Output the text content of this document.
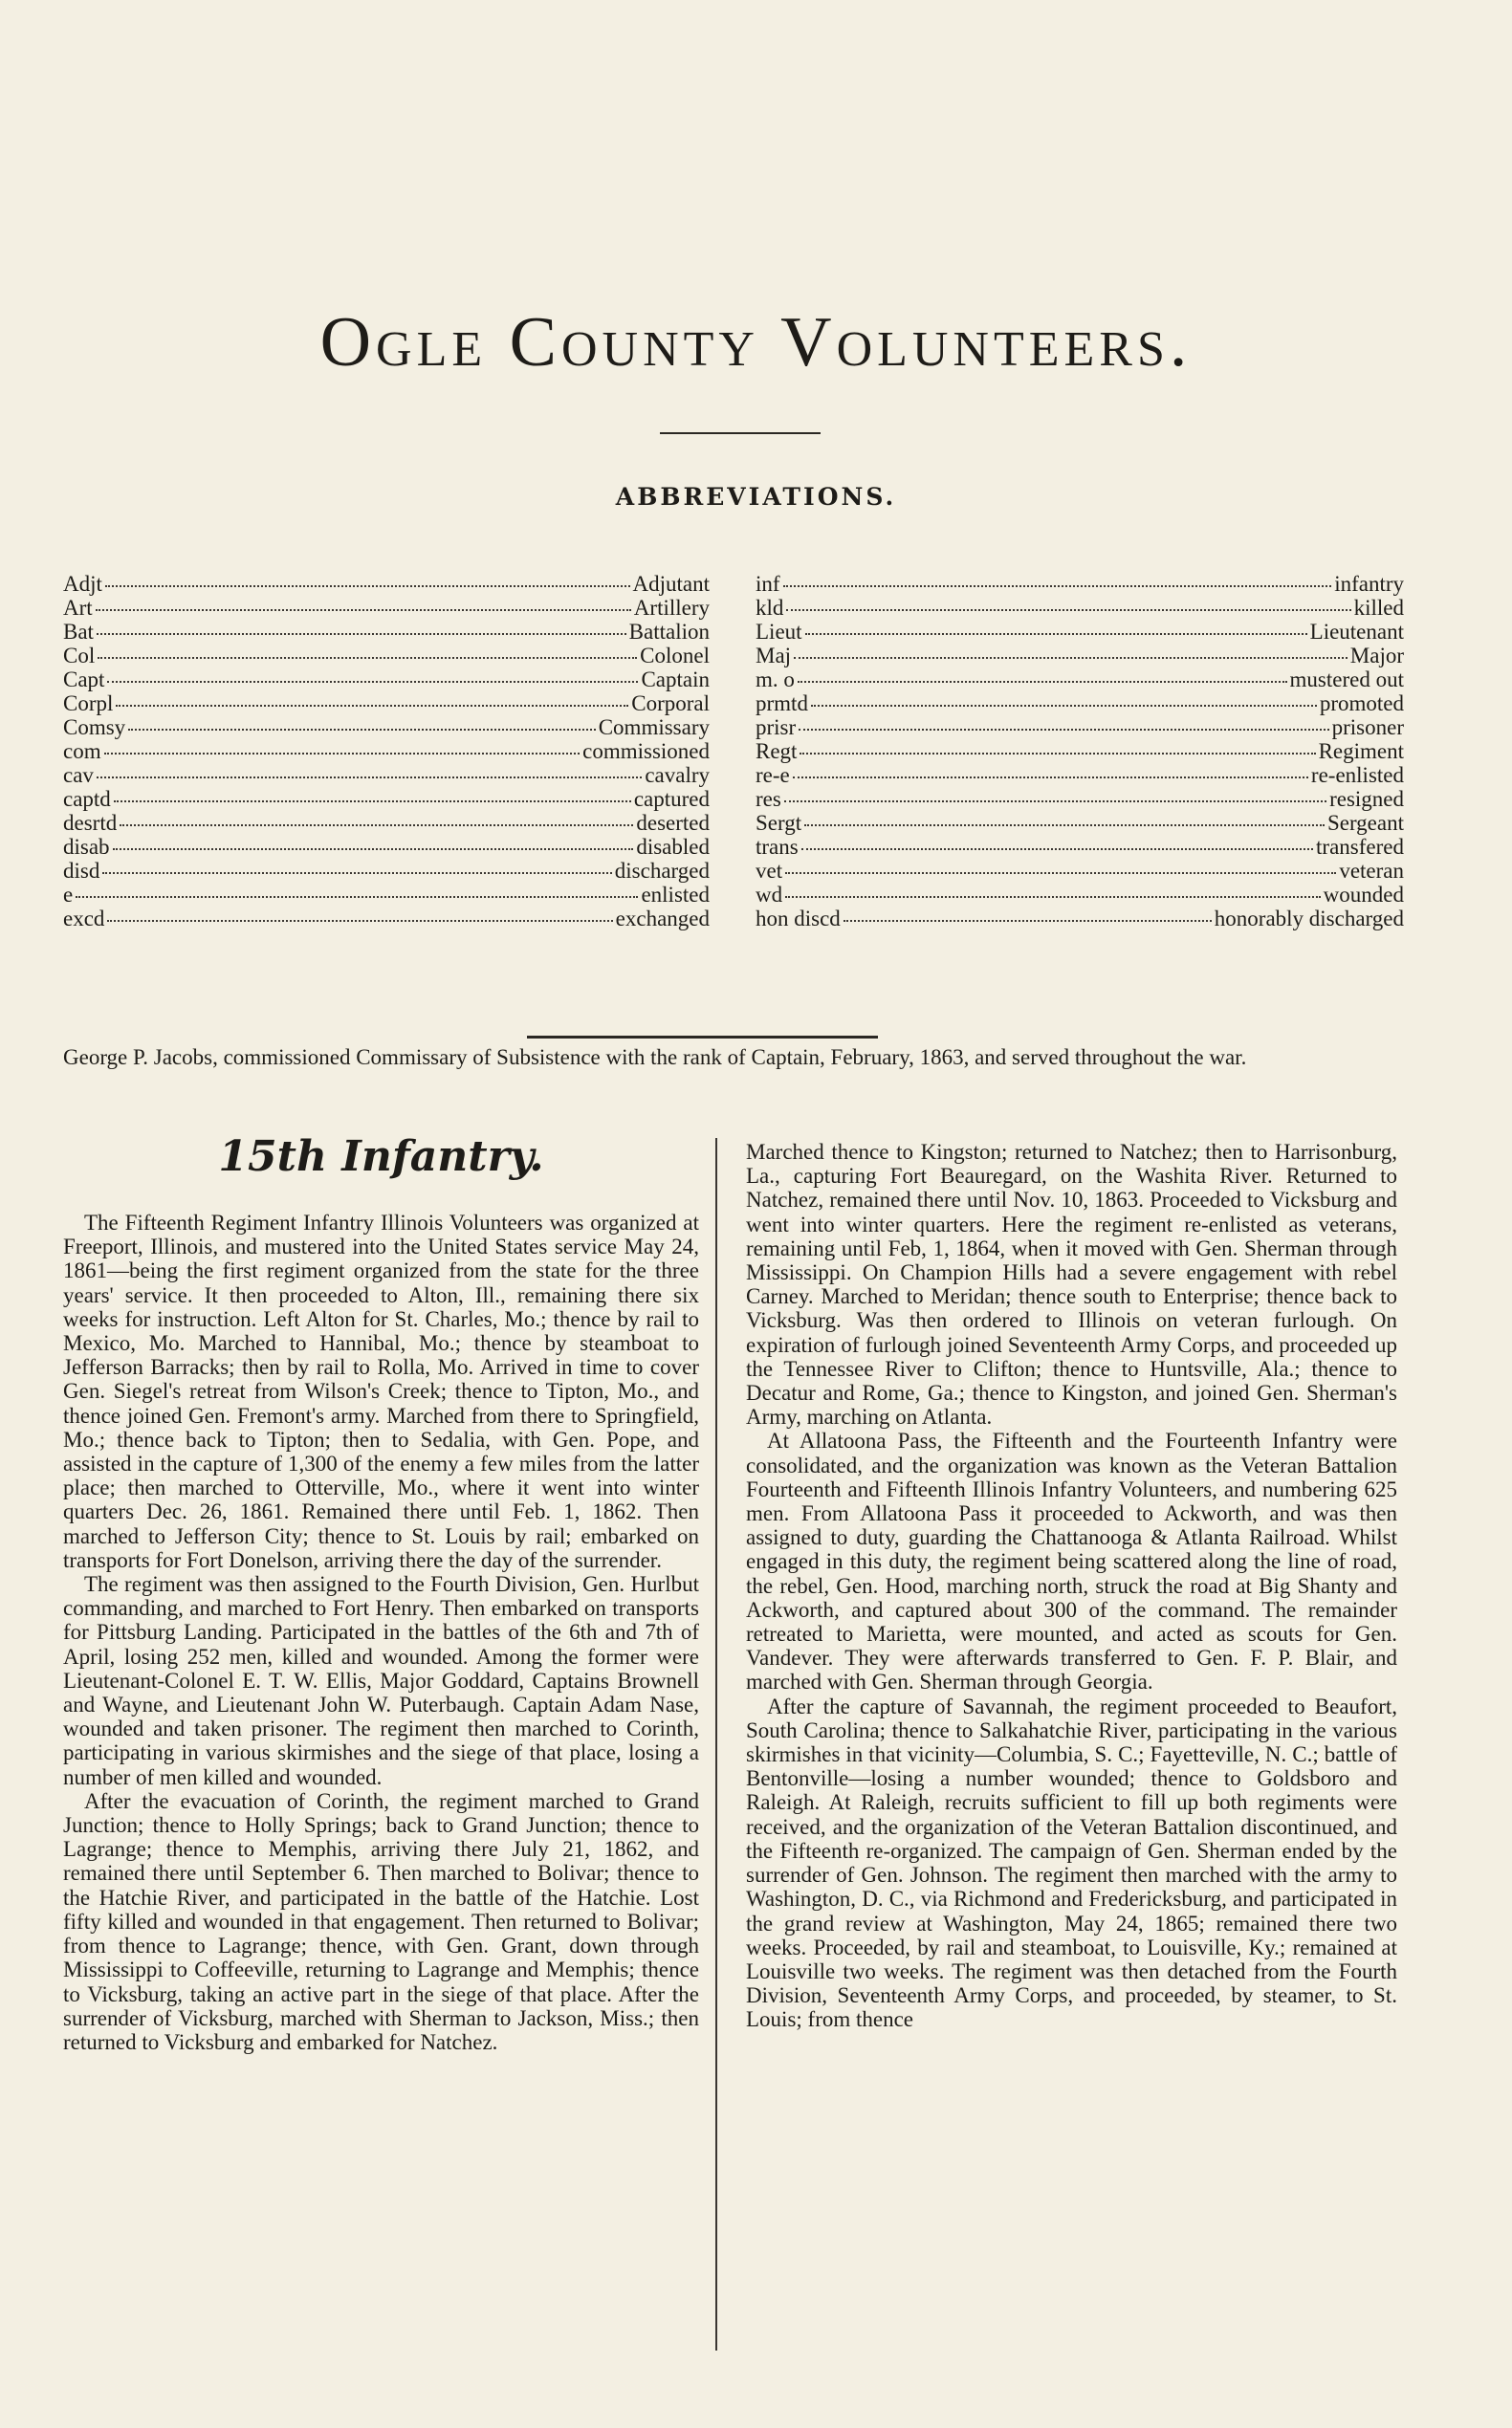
Ogle County Volunteers.
ABBREVIATIONS.
Adjt	Adjutant
Art	Artillery
Bat	Battalion
Col	Colonel
Capt	Captain
Corpl	Corporal
Comsy	Commissary
com	commissioned
cav	cavalry
captd	captured
desrtd	deserted
disab	disabled
disd	discharged
e	enlisted
excd	exchanged
inf	infantry
kld	killed
Lieut	Lieutenant
Maj	Major
m. o	mustered out
prmtd	promoted
prisr	prisoner
Regt	Regiment
re-e	re-enlisted
res	resigned
Sergt	Sergeant
trans	transfered
vet	veteran
wd	wounded
hon discd	honorably discharged
George P. Jacobs, commissioned Commissary of Subsistence with the rank of Captain, February, 1863, and served throughout the war.
15th Infantry.

The Fifteenth Regiment Infantry Illinois Volunteers was organized at Freeport, Illinois, and mustered into the United States service May 24, 1861—being the first regiment organized from the state for the three years' service. It then proceeded to Alton, Ill., remaining there six weeks for instruction. Left Alton for St. Charles, Mo.; thence by rail to Mexico, Mo. Marched to Hannibal, Mo.; thence by steamboat to Jefferson Barracks; then by rail to Rolla, Mo. Arrived in time to cover Gen. Siegel's retreat from Wilson's Creek; thence to Tipton, Mo., and thence joined Gen. Fremont's army. Marched from there to Springfield, Mo.; thence back to Tipton; then to Sedalia, with Gen. Pope, and assisted in the capture of 1,300 of the enemy a few miles from the latter place; then marched to Otterville, Mo., where it went into winter quarters Dec. 26, 1861. Remained there until Feb. 1, 1862. Then marched to Jefferson City; thence to St. Louis by rail; embarked on transports for Fort Donelson, arriving there the day of the surrender.

The regiment was then assigned to the Fourth Division, Gen. Hurlbut commanding, and marched to Fort Henry. Then embarked on transports for Pittsburg Landing. Participated in the battles of the 6th and 7th of April, losing 252 men, killed and wounded. Among the former were Lieutenant-Colonel E. T. W. Ellis, Major Goddard, Captains Brownell and Wayne, and Lieutenant John W. Puterbaugh. Captain Adam Nase, wounded and taken prisoner. The regiment then marched to Corinth, participating in various skirmishes and the siege of that place, losing a number of men killed and wounded.

After the evacuation of Corinth, the regiment marched to Grand Junction; thence to Holly Springs; back to Grand Junction; thence to Lagrange; thence to Memphis, arriving there July 21, 1862, and remained there until September 6. Then marched to Bolivar; thence to the Hatchie River, and participated in the battle of the Hatchie. Lost fifty killed and wounded in that engagement. Then returned to Bolivar; from thence to Lagrange; thence, with Gen. Grant, down through Mississippi to Coffeeville, returning to Lagrange and Memphis; thence to Vicksburg, taking an active part in the siege of that place. After the surrender of Vicksburg, marched with Sherman to Jackson, Miss.; then returned to Vicksburg and embarked for Natchez.

Marched thence to Kingston; returned to Natchez; then to Harrisonburg, La., capturing Fort Beauregard, on the Washita River. Returned to Natchez, remained there until Nov. 10, 1863. Proceeded to Vicksburg and went into winter quarters. Here the regiment re-enlisted as veterans, remaining until Feb, 1, 1864, when it moved with Gen. Sherman through Mississippi. On Champion Hills had a severe engagement with rebel Carney. Marched to Meridan; thence south to Enterprise; thence back to Vicksburg. Was then ordered to Illinois on veteran furlough. On expiration of furlough joined Seventeenth Army Corps, and proceeded up the Tennessee River to Clifton; thence to Huntsville, Ala.; thence to Decatur and Rome, Ga.; thence to Kingston, and joined Gen. Sherman's Army, marching on Atlanta.

At Allatoona Pass, the Fifteenth and the Fourteenth Infantry were consolidated, and the organization was known as the Veteran Battalion Fourteenth and Fifteenth Illinois Infantry Volunteers, and numbering 625 men. From Allatoona Pass it proceeded to Ackworth, and was then assigned to duty, guarding the Chattanooga & Atlanta Railroad. Whilst engaged in this duty, the regiment being scattered along the line of road, the rebel, Gen. Hood, marching north, struck the road at Big Shanty and Ackworth, and captured about 300 of the command. The remainder retreated to Marietta, were mounted, and acted as scouts for Gen. Vandever. They were afterwards transferred to Gen. F. P. Blair, and marched with Gen. Sherman through Georgia.

After the capture of Savannah, the regiment proceeded to Beaufort, South Carolina; thence to Salkahatchie River, participating in the various skirmishes in that vicinity—Columbia, S. C.; Fayetteville, N. C.; battle of Bentonville—losing a number wounded; thence to Goldsboro and Raleigh. At Raleigh, recruits sufficient to fill up both regiments were received, and the organization of the Veteran Battalion discontinued, and the Fifteenth re-organized. The campaign of Gen. Sherman ended by the surrender of Gen. Johnson. The regiment then marched with the army to Washington, D. C., via Richmond and Fredericksburg, and participated in the grand review at Washington, May 24, 1865; remained there two weeks. Proceeded, by rail and steamboat, to Louisville, Ky.; remained at Louisville two weeks. The regiment was then detached from the Fourth Division, Seventeenth Army Corps, and proceeded, by steamer, to St. Louis; from thence
